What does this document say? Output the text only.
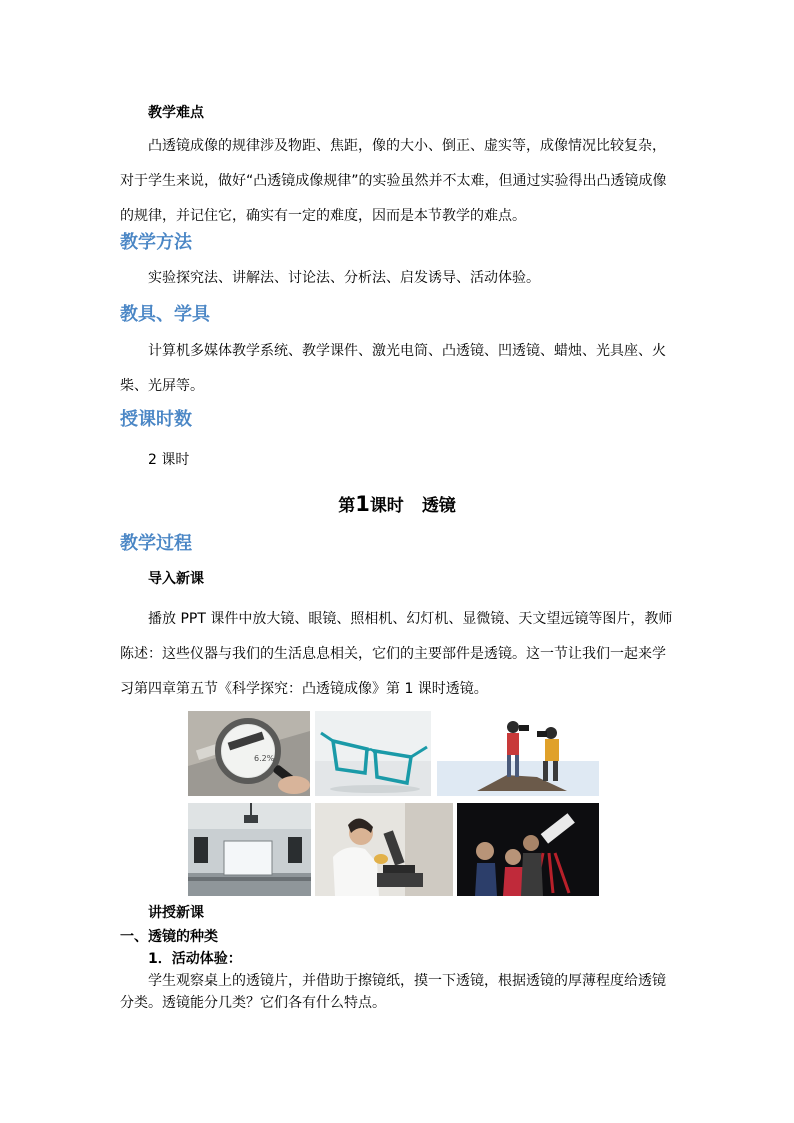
教学难点
凸透镜成像的规律涉及物距、焦距，像的大小、倒正、虚实等，成像情况比较复杂，对于学生来说，做好“凸透镜成像规律”的实验虽然并不太难，但通过实验得出凸透镜成像的规律，并记住它，确实有一定的难度，因而是本节教学的难点。
教学方法
实验探究法、讲解法、讨论法、分析法、启发诱导、活动体验。
教具、学具
计算机多媒体教学系统、教学课件、激光电筒、凸透镜、凹透镜、蜡烛、光具座、火柴、光屏等。
授课时数
2 课时
第1课时 透镜
教学过程
导入新课
播放 PPT 课件中放大镜、眼镜、照相机、幻灯机、显微镜、天文望远镜等图片，教师陈述：这些仪器与我们的生活息息相关，它们的主要部件是透镜。这一节让我们一起来学习第四章第五节《科学探究：凸透镜成像》第 1 课时透镜。
6.2%
讲授新课
一、透镜的种类
1．活动体验：
学生观察桌上的透镜片，并借助于擦镜纸，摸一下透镜，根据透镜的厚薄程度给透镜分类。透镜能分几类？它们各有什么特点。
